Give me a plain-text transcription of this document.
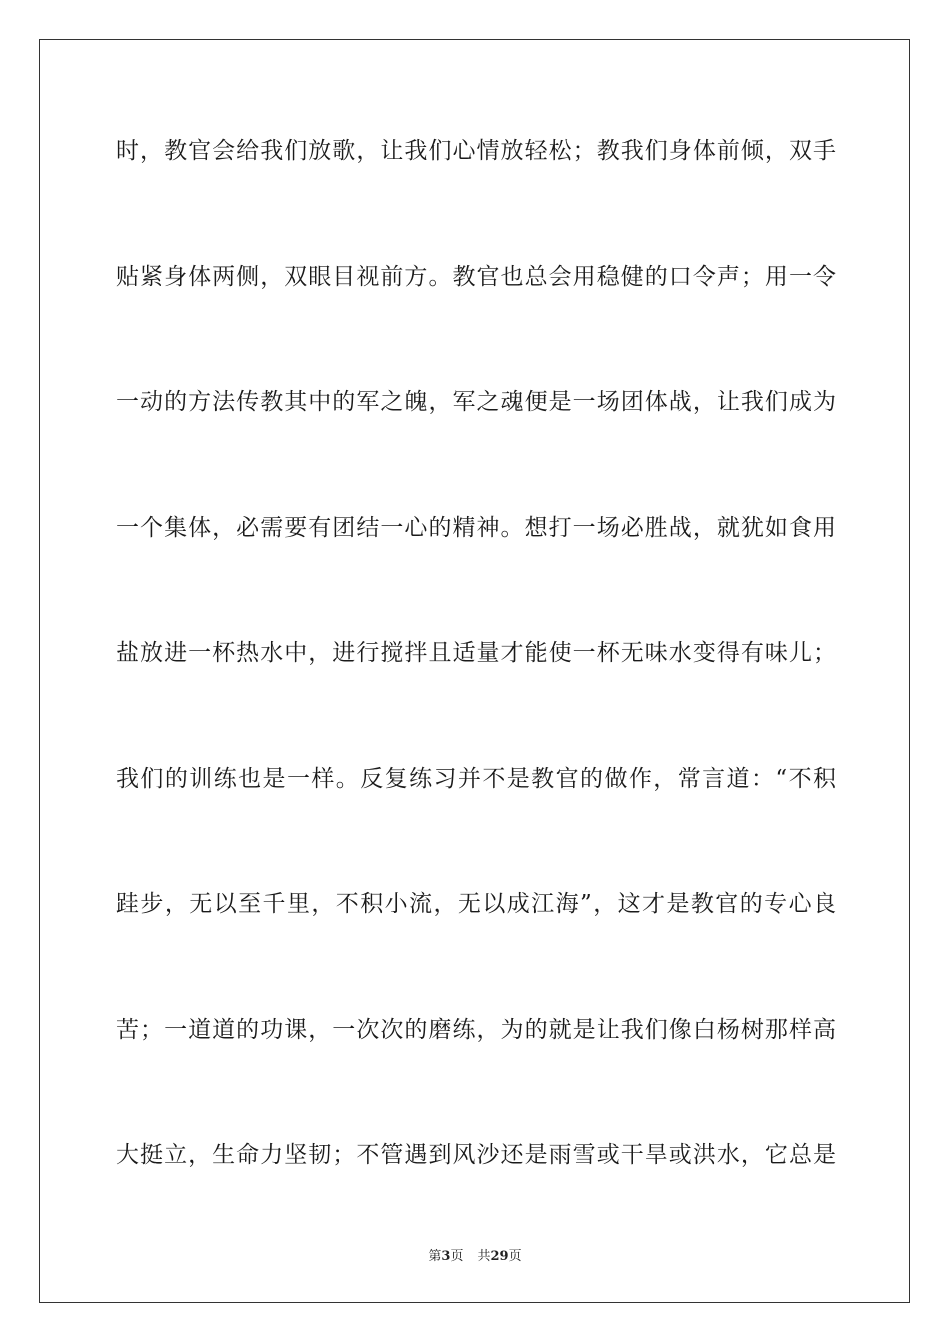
时，教官会给我们放歌，让我们心情放轻松；教我们身体前倾，双手
贴紧身体两侧，双眼目视前方。教官也总会用稳健的口令声；用一令
一动的方法传教其中的军之魄，军之魂便是一场团体战，让我们成为
一个集体，必需要有团结一心的精神。想打一场必胜战，就犹如食用
盐放进一杯热水中，进行搅拌且适量才能使一杯无味水变得有味儿；
我们的训练也是一样。反复练习并不是教官的做作，常言道：“不积
跬步，无以至千里，不积小流，无以成江海”，这才是教官的专心良
苦；一道道的功课，一次次的磨练，为的就是让我们像白杨树那样高
大挺立，生命力坚韧；不管遇到风沙还是雨雪或干旱或洪水，它总是
第3页 共29页
